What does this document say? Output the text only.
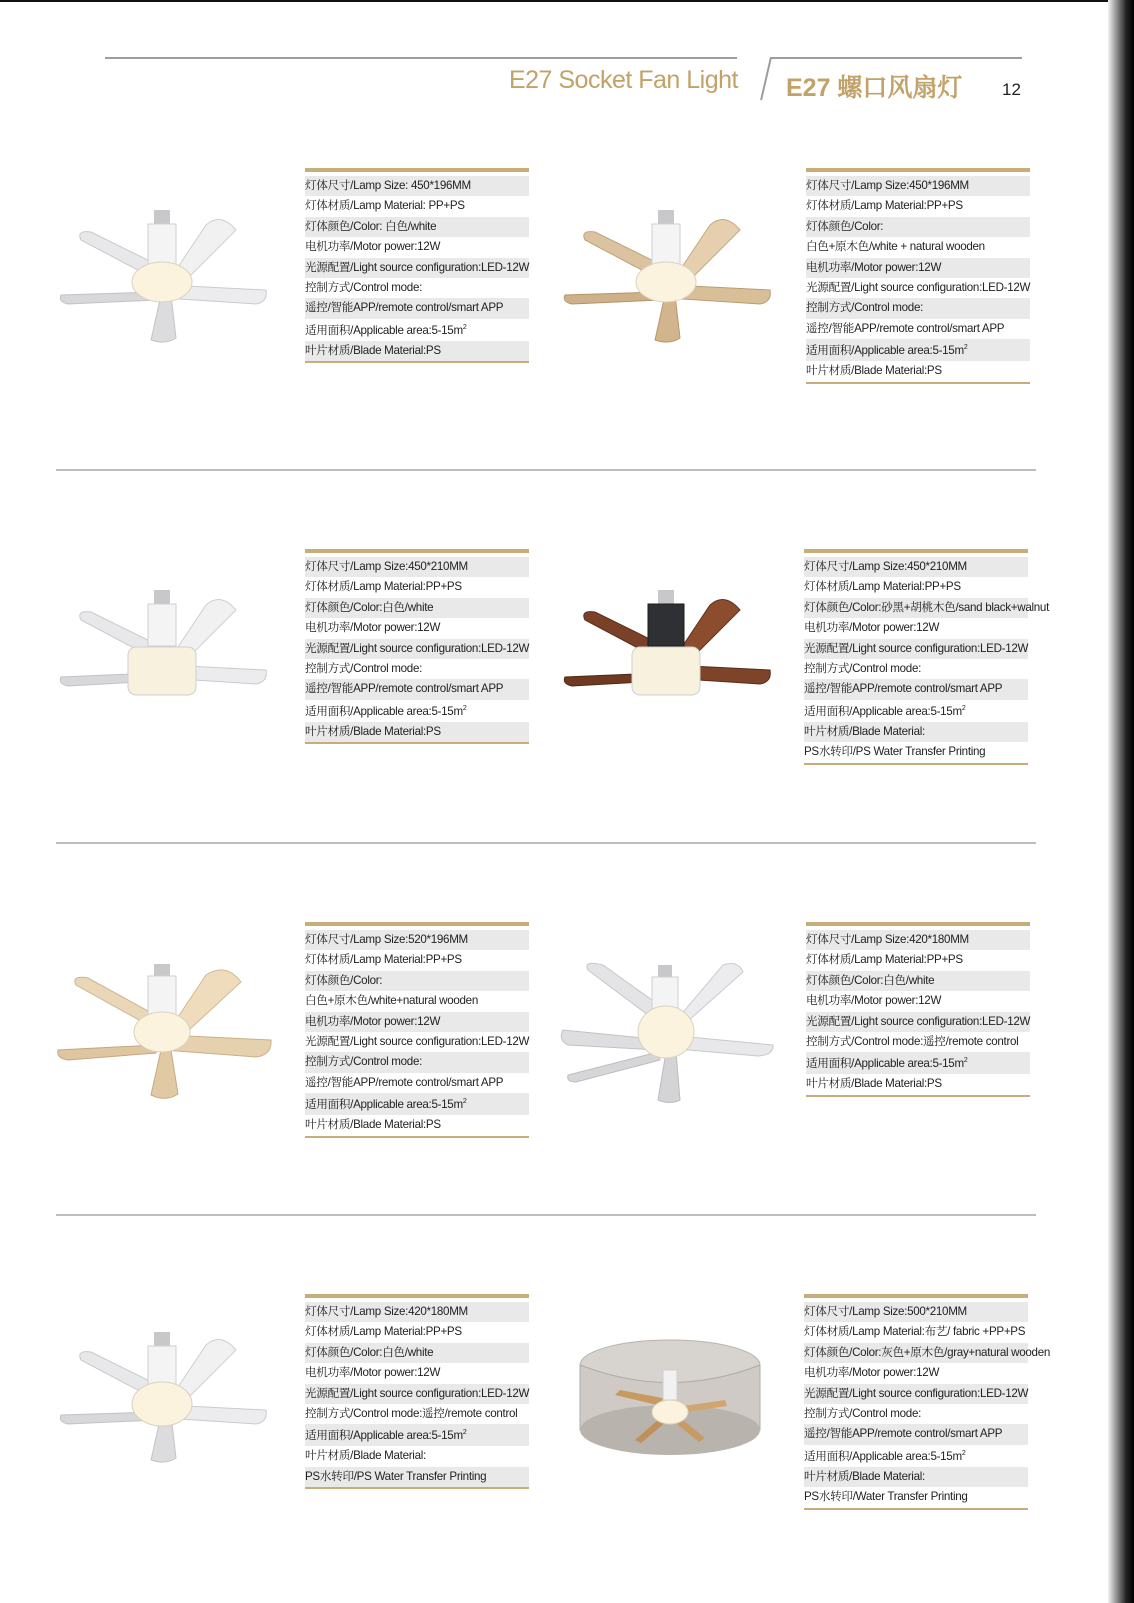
E27 Socket Fan Light E27 螺口风扇灯 12
灯体尺寸/Lamp Size: 450*196MM
灯体材质/Lamp Material: PP+PS
灯体颜色/Color: 白色/white
电机功率/Motor power:12W
光源配置/Light source configuration:LED-12W
控制方式/Control mode:
遥控/智能APP/remote control/smart APP
适用面积/Applicable $area:5-15m^2$
叶片材质/Blade Material:PS
灯体尺寸/Lamp Size:450*196MM
灯体材质/Lamp Material:PP+PS
灯体颜色/Color:
白色+原木色/white + natural wooden
电机功率/Motor power:12W
光源配置/Light source configuration:LED-12W
控制方式/Control mode:
遥控/智能APP/remote control/smart APP
适用面积/Applicable $area:5-15m^2$
叶片材质/Blade Material:PS
灯体尺寸/Lamp Size:450*210MM
灯体材质/Lamp Material:PP+PS
灯体颜色/Color:白色/white
电机功率/Motor power:12W
光源配置/Light source configuration:LED-12W
控制方式/Control mode:
遥控/智能APP/remote control/smart APP
适用面积/Applicable $area:5-15m^2$
叶片材质/Blade Material:PS
灯体尺寸/Lamp Size:450*210MM
灯体材质/Lamp Material:PP+PS
灯体颜色/Color:砂黑+胡桃木色/sand black+walnut
电机功率/Motor power:12W
光源配置/Light source configuration:LED-12W
控制方式/Control mode:
遥控/智能APP/remote control/smart APP
适用面积/Applicable $area:5-15m^2$
叶片材质/Blade Material:
PS水转印/PS Water Transfer Printing
灯体尺寸/Lamp Size:520*196MM
灯体材质/Lamp Material:PP+PS
灯体颜色/Color:
白色+原木色/white+natural wooden
电机功率/Motor power:12W
光源配置/Light source configuration:LED-12W
控制方式/Control mode:
遥控/智能APP/remote control/smart APP
适用面积/Applicable $area:5-15m^2$
叶片材质/Blade Material:PS
灯体尺寸/Lamp Size:420*180MM
灯体材质/Lamp Material:PP+PS
灯体颜色/Color:白色/white
电机功率/Motor power:12W
光源配置/Light source configuration:LED-12W
控制方式/Control mode:遥控/remote control
适用面积/Applicable $area:5-15m^2$
叶片材质/Blade Material:PS
灯体尺寸/Lamp Size:420*180MM
灯体材质/Lamp Material:PP+PS
灯体颜色/Color:白色/white
电机功率/Motor power:12W
光源配置/Light source configuration:LED-12W
控制方式/Control mode:遥控/remote control
适用面积/Applicable $area:5-15m^2$
叶片材质/Blade Material:
PS水转印/PS Water Transfer Printing
灯体尺寸/Lamp Size:500*210MM
灯体材质/Lamp Material:布艺/ fabric +PP+PS
灯体颜色/Color:灰色+原木色/gray+natural wooden
电机功率/Motor power:12W
光源配置/Light source configuration:LED-12W
控制方式/Control mode:
遥控/智能APP/remote control/smart APP
适用面积/Applicable $area:5-15m^2$
叶片材质/Blade Material:
PS水转印/Water Transfer Printing
